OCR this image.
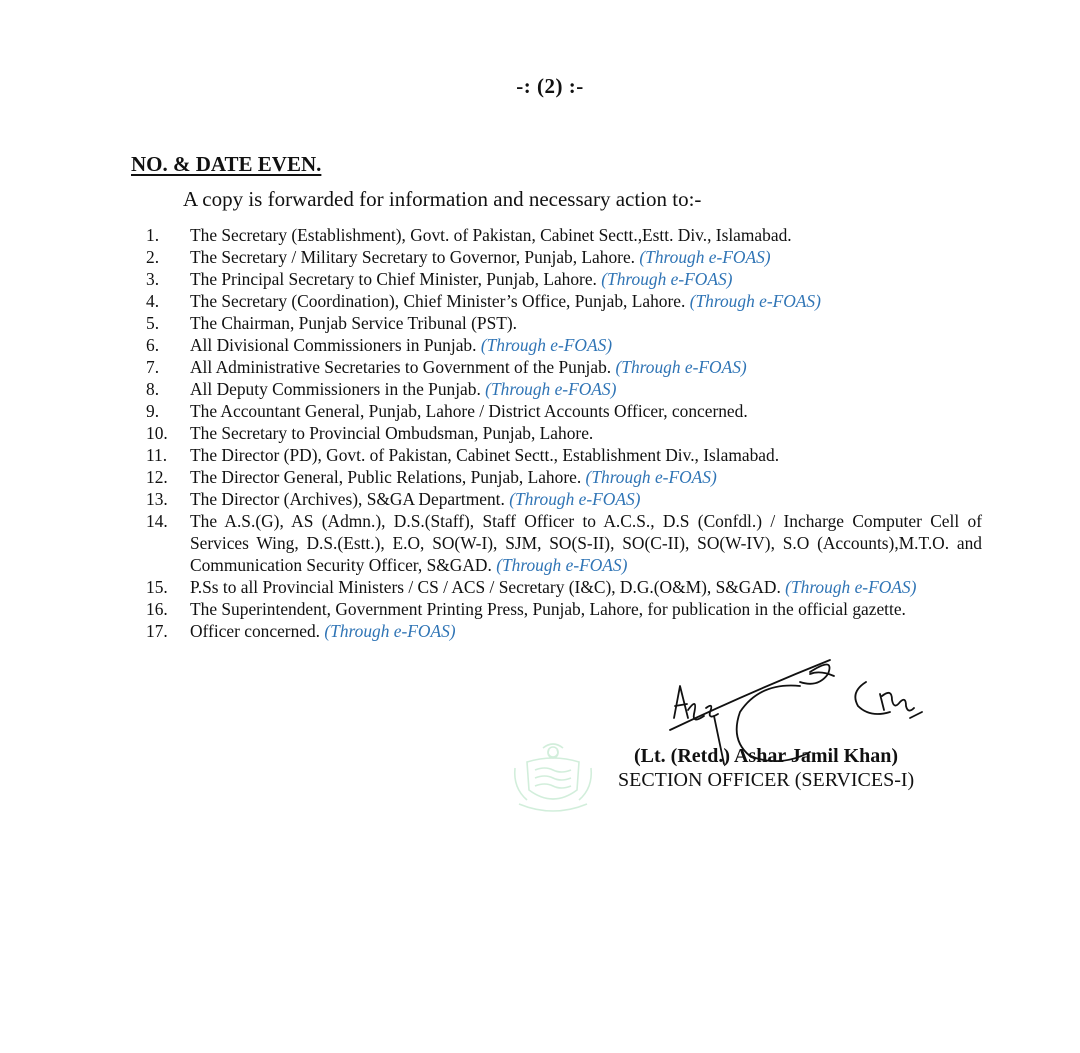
-: (2) :-
NO. & DATE EVEN.
A copy is forwarded for information and necessary action to:-
1.	The Secretary (Establishment), Govt. of Pakistan, Cabinet Sectt.,Estt. Div., Islamabad.
2.	The Secretary / Military Secretary to Governor, Punjab, Lahore. (Through e-FOAS)
3.	The Principal Secretary to Chief Minister, Punjab, Lahore. (Through e-FOAS)
4.	The Secretary (Coordination), Chief Minister’s Office, Punjab, Lahore. (Through e-FOAS)
5.	The Chairman, Punjab Service Tribunal (PST).
6.	All Divisional Commissioners in Punjab. (Through e-FOAS)
7.	All Administrative Secretaries to Government of the Punjab. (Through e-FOAS)
8.	All Deputy Commissioners in the Punjab. (Through e-FOAS)
9.	The Accountant General, Punjab, Lahore / District Accounts Officer, concerned.
10.	The Secretary to Provincial Ombudsman, Punjab, Lahore.
11.	The Director (PD), Govt. of Pakistan, Cabinet Sectt., Establishment Div., Islamabad.
12.	The Director General, Public Relations, Punjab, Lahore. (Through e-FOAS)
13.	The Director (Archives), S&GA Department. (Through e-FOAS)
14.	The A.S.(G), AS (Admn.), D.S.(Staff), Staff Officer to A.C.S., D.S (Confdl.) / Incharge Computer Cell of Services Wing, D.S.(Estt.), E.O, SO(W-I), SJM, SO(S-II), SO(C-II), SO(W-IV), S.O (Accounts),M.T.O. and Communication Security Officer, S&GAD. (Through e-FOAS)
15.	P.Ss to all Provincial Ministers / CS / ACS / Secretary (I&C), D.G.(O&M), S&GAD. (Through e-FOAS)
16.	The Superintendent, Government Printing Press, Punjab, Lahore, for publication in the official gazette.
17.	Officer concerned. (Through e-FOAS)
(Lt. (Retd.) Ashar Jamil Khan)
SECTION OFFICER (SERVICES-I)
